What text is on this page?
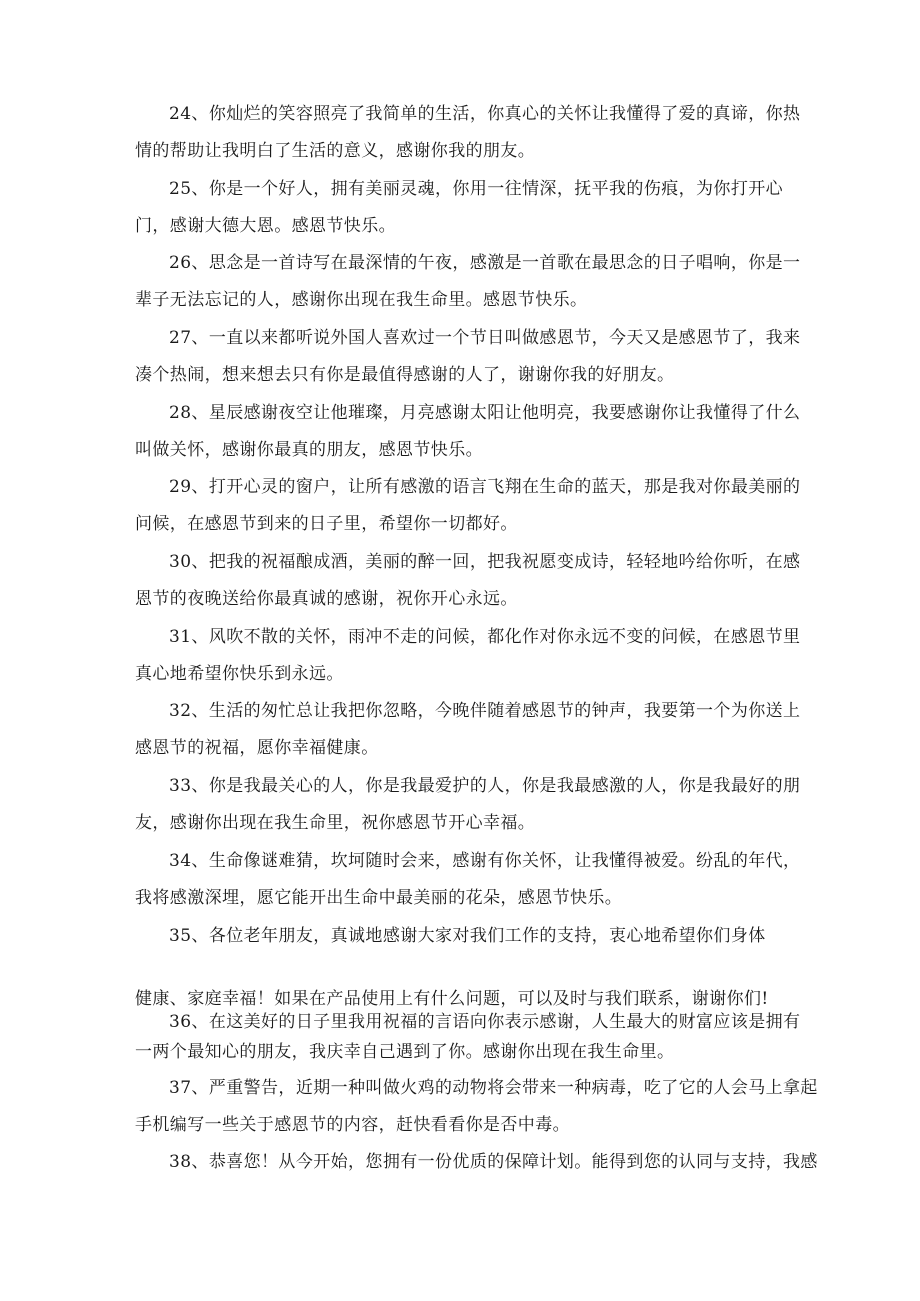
24、你灿烂的笑容照亮了我简单的生活，你真心的关怀让我懂得了爱的真谛，你热
情的帮助让我明白了生活的意义，感谢你我的朋友。

25、你是一个好人，拥有美丽灵魂，你用一往情深，抚平我的伤痕，为你打开心
门，感谢大德大恩。感恩节快乐。

26、思念是一首诗写在最深情的午夜，感激是一首歌在最思念的日子唱响，你是一
辈子无法忘记的人，感谢你出现在我生命里。感恩节快乐。

27、一直以来都听说外国人喜欢过一个节日叫做感恩节，今天又是感恩节了，我来
凑个热闹，想来想去只有你是最值得感谢的人了，谢谢你我的好朋友。

28、星辰感谢夜空让他璀璨，月亮感谢太阳让他明亮，我要感谢你让我懂得了什么
叫做关怀，感谢你最真的朋友，感恩节快乐。

29、打开心灵的窗户，让所有感激的语言飞翔在生命的蓝天，那是我对你最美丽的
问候，在感恩节到来的日子里，希望你一切都好。

30、把我的祝福酿成酒，美丽的醉一回，把我祝愿变成诗，轻轻地吟给你听，在感
恩节的夜晚送给你最真诚的感谢，祝你开心永远。

31、风吹不散的关怀，雨冲不走的问候，都化作对你永远不变的问候，在感恩节里
真心地希望你快乐到永远。

32、生活的匆忙总让我把你忽略，今晚伴随着感恩节的钟声，我要第一个为你送上
感恩节的祝福，愿你幸福健康。

33、你是我最关心的人，你是我最爱护的人，你是我最感激的人，你是我最好的朋
友，感谢你出现在我生命里，祝你感恩节开心幸福。

34、生命像谜难猜，坎坷随时会来，感谢有你关怀，让我懂得被爱。纷乱的年代，
我将感激深埋，愿它能开出生命中最美丽的花朵，感恩节快乐。

35、各位老年朋友，真诚地感谢大家对我们工作的支持，衷心地希望你们身体
健康、家庭幸福！如果在产品使用上有什么问题，可以及时与我们联系，谢谢你们!

36、在这美好的日子里我用祝福的言语向你表示感谢，人生最大的财富应该是拥有
一两个最知心的朋友，我庆幸自己遇到了你。感谢你出现在我生命里。

37、严重警告，近期一种叫做火鸡的动物将会带来一种病毒，吃了它的人会马上拿起
手机编写一些关于感恩节的内容，赶快看看你是否中毒。

38、恭喜您！从今开始，您拥有一份优质的保障计划。能得到您的认同与支持，我感
